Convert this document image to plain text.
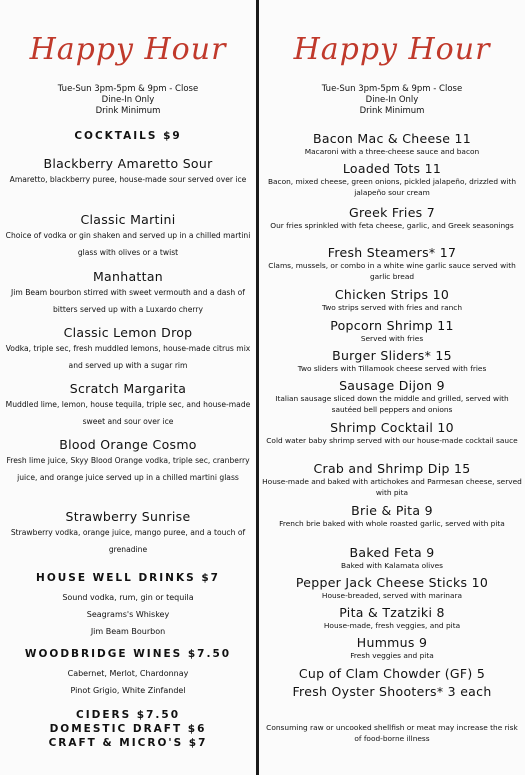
Happy Hour

Tue-Sun 3pm-5pm & 9pm - Close

Dine-In Only

Drink Minimum

COCKTAILS $9
Blackberry Amaretto Sour
Amaretto, blackberry puree, house-made sour served over ice
Classic Martini
Choice of vodka or gin shaken and served up in a chilled martini glass with olives or a twist
Manhattan
Jim Beam bourbon stirred with sweet vermouth and a dash of bitters served up with a Luxardo cherry
Classic Lemon Drop
Vodka, triple sec, fresh muddled lemons, house-made citrus mix and served up with a sugar rim
Scratch Margarita
Muddled lime, lemon, house tequila, triple sec, and house-made sweet and sour over ice
Blood Orange Cosmo
Fresh lime juice, Skyy Blood Orange vodka, triple sec, cranberry juice, and orange juice served up in a chilled martini glass
Strawberry Sunrise
Strawberry vodka, orange juice, mango puree, and a touch of grenadine
HOUSE WELL DRINKS $7
Sound vodka, rum, gin or tequila
Seagrams's Whiskey
Jim Beam Bourbon
WOODBRIDGE WINES $7.50
Cabernet, Merlot, Chardonnay
Pinot Grigio, White Zinfandel
CIDERS $7.50
DOMESTIC DRAFT $6
CRAFT & MICRO'S $7
Happy Hour

Tue-Sun 3pm-5pm & 9pm - Close

Dine-In Only

Drink Minimum

Bacon Mac & Cheese 11
Macaroni with a three-cheese sauce and bacon
Loaded Tots 11
Bacon, mixed cheese, green onions, pickled jalapeño, drizzled with jalapeño sour cream
Greek Fries 7
Our fries sprinkled with feta cheese, garlic, and Greek seasonings
Fresh Steamers* 17
Clams, mussels, or combo in a white wine garlic sauce served with garlic bread
Chicken Strips 10
Two strips served with fries and ranch
Popcorn Shrimp 11
Served with fries
Burger Sliders* 15
Two sliders with Tillamook cheese served with fries
Sausage Dijon 9
Italian sausage sliced down the middle and grilled, served with sautéed bell peppers and onions
Shrimp Cocktail 10
Cold water baby shrimp served with our house-made cocktail sauce
Crab and Shrimp Dip 15
House-made and baked with artichokes and Parmesan cheese, served with pita
Brie & Pita 9
French brie baked with whole roasted garlic, served with pita
Baked Feta 9
Baked with Kalamata olives
Pepper Jack Cheese Sticks 10
House-breaded, served with marinara
Pita & Tzatziki 8
House-made, fresh veggies, and pita
Hummus 9
Fresh veggies and pita
Cup of Clam Chowder (GF) 5
Fresh Oyster Shooters* 3 each
Consuming raw or uncooked shellfish or meat may increase the risk of food-borne illness
